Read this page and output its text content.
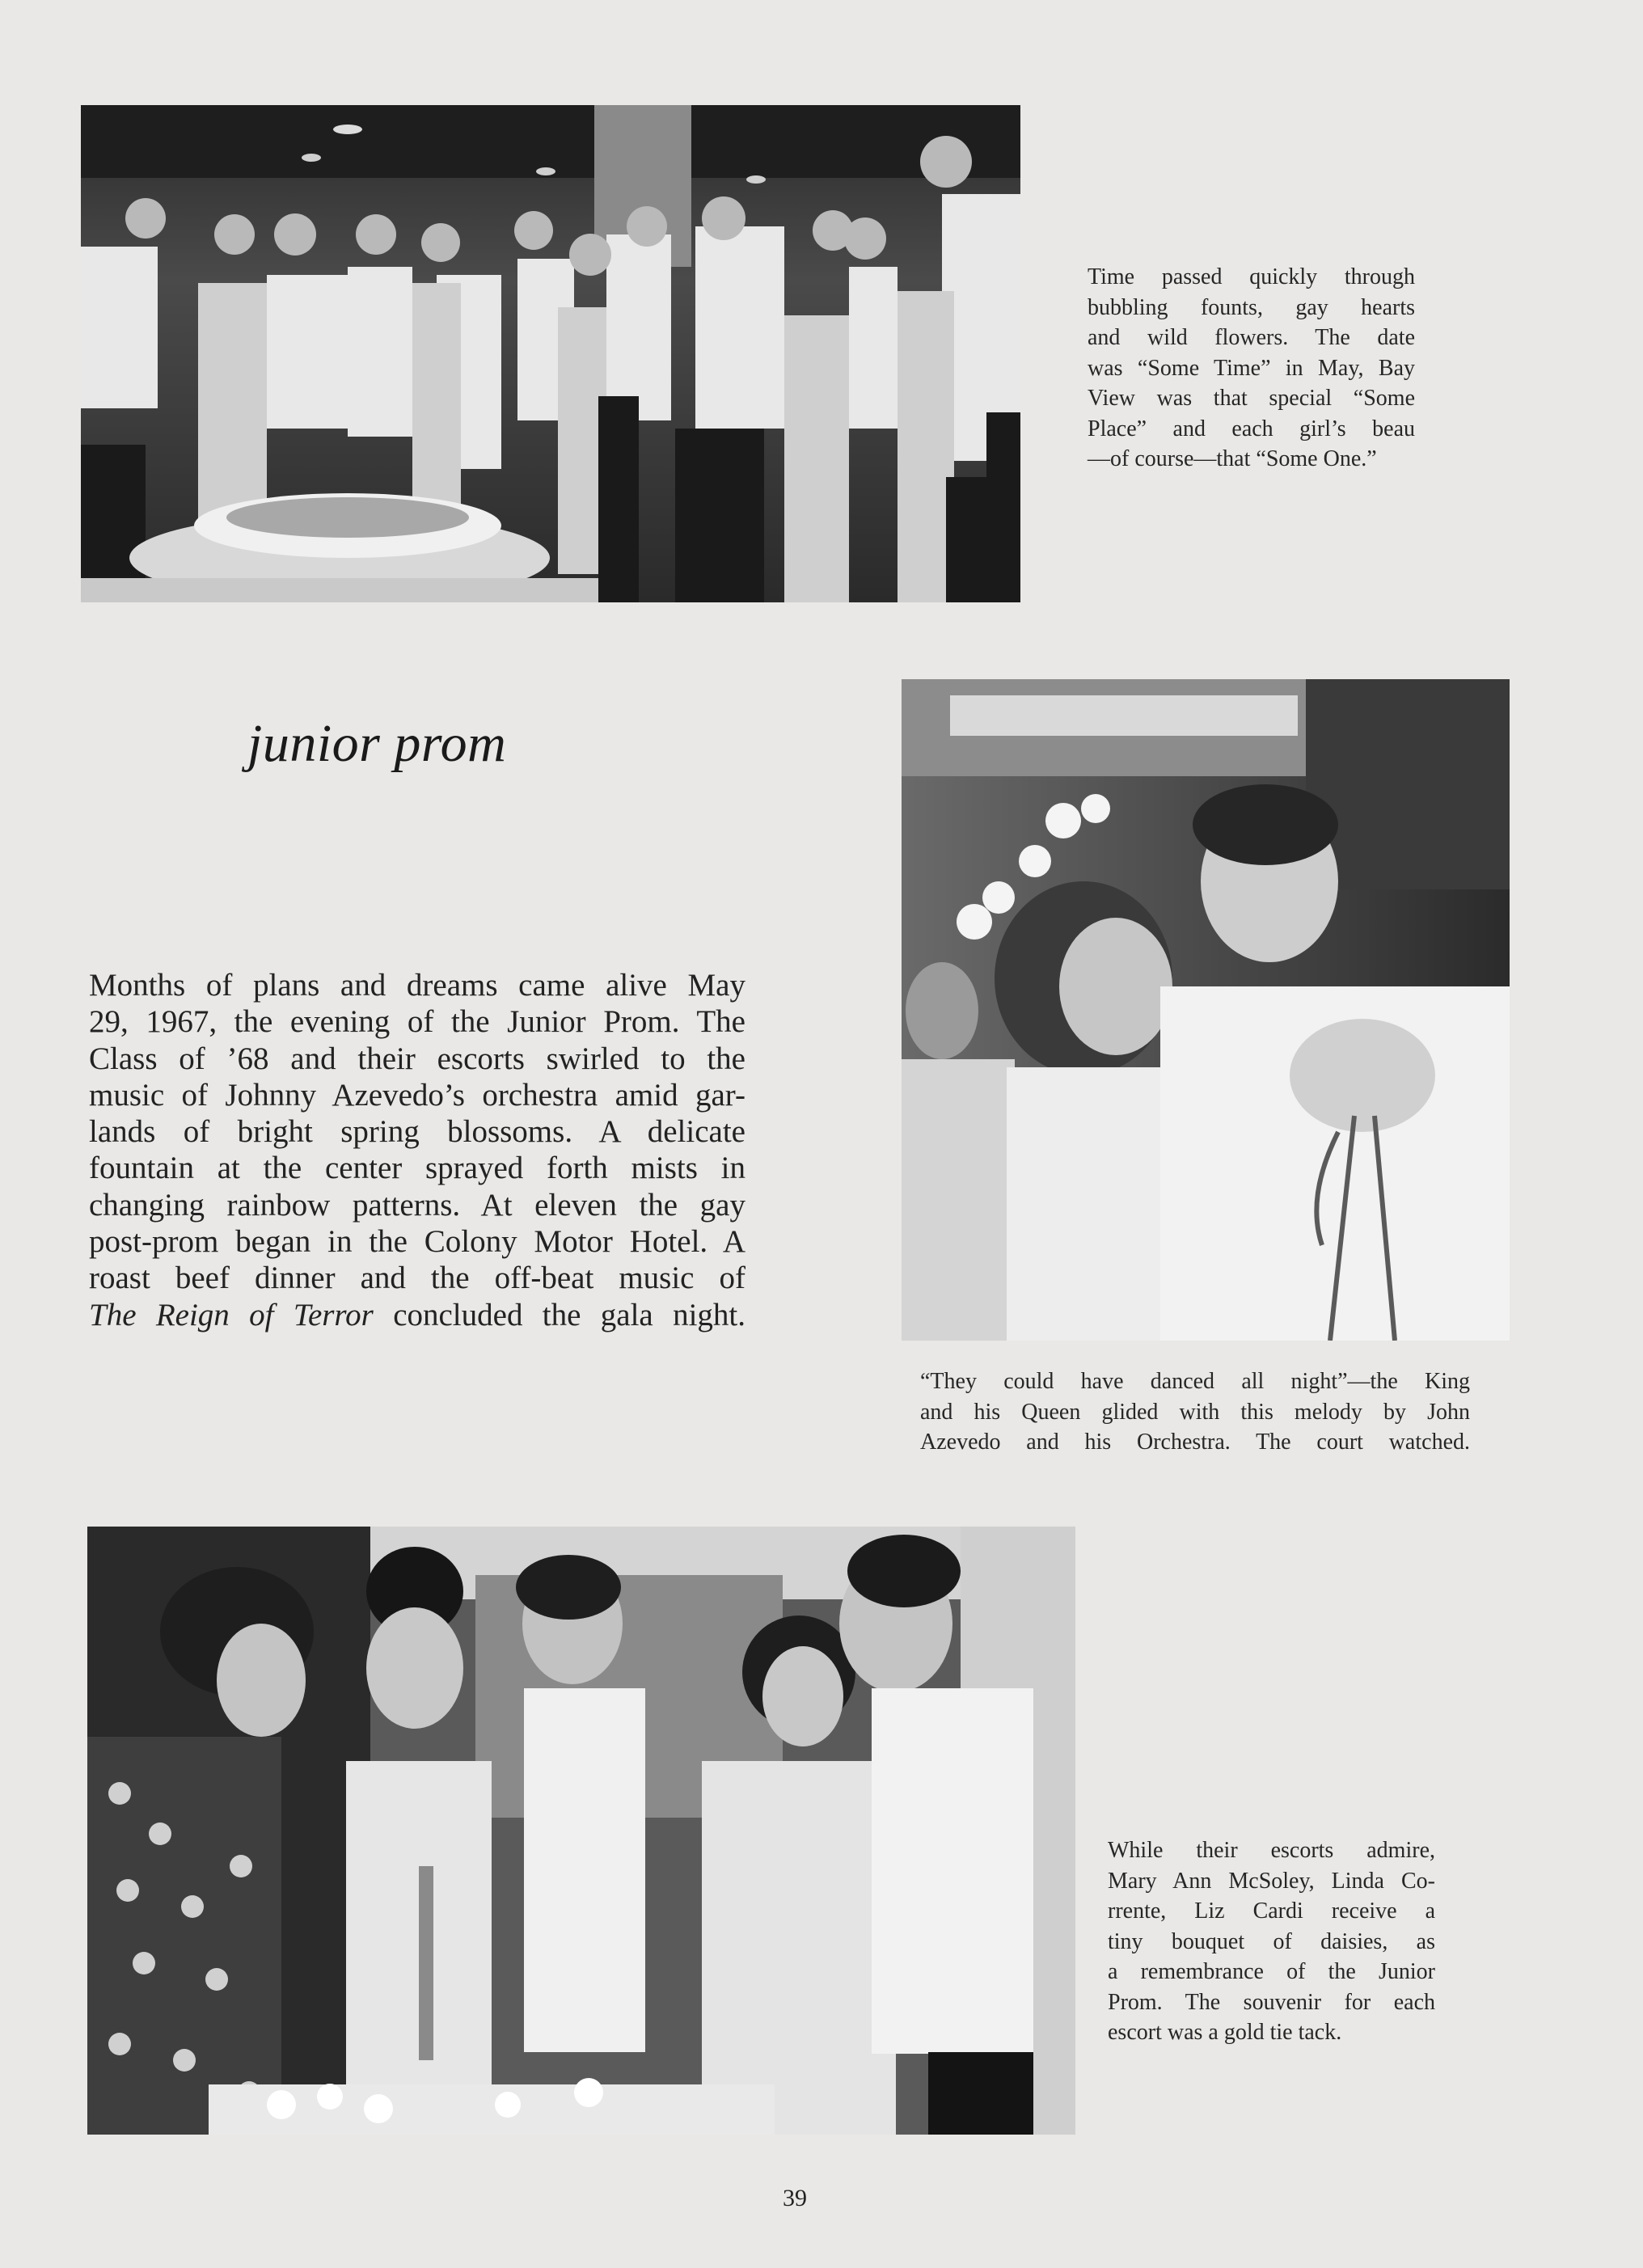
Time passed quickly through
bubbling founts, gay hearts
and wild flowers. The date
was “Some Time” in May, Bay
View was that special “Some
Place” and each girl’s beau
—of course—that “Some One.”
junior prom
Months of plans and dreams came alive May
29, 1967, the evening of the Junior Prom. The
Class of ’68 and their escorts swirled to the
music of Johnny Azevedo’s orchestra amid gar-
lands of bright spring blossoms. A delicate
fountain at the center sprayed forth mists in
changing rainbow patterns. At eleven the gay
post-prom began in the Colony Motor Hotel. A
roast beef dinner and the off-beat music of
The Reign of Terror concluded the gala night.
“They could have danced all night”—the King
and his Queen glided with this melody by John
Azevedo and his Orchestra. The court watched.
While their escorts admire,
Mary Ann McSoley, Linda Co-
rrente, Liz Cardi receive a
tiny bouquet of daisies, as
a remembrance of the Junior
Prom. The souvenir for each
escort was a gold tie tack.
39
